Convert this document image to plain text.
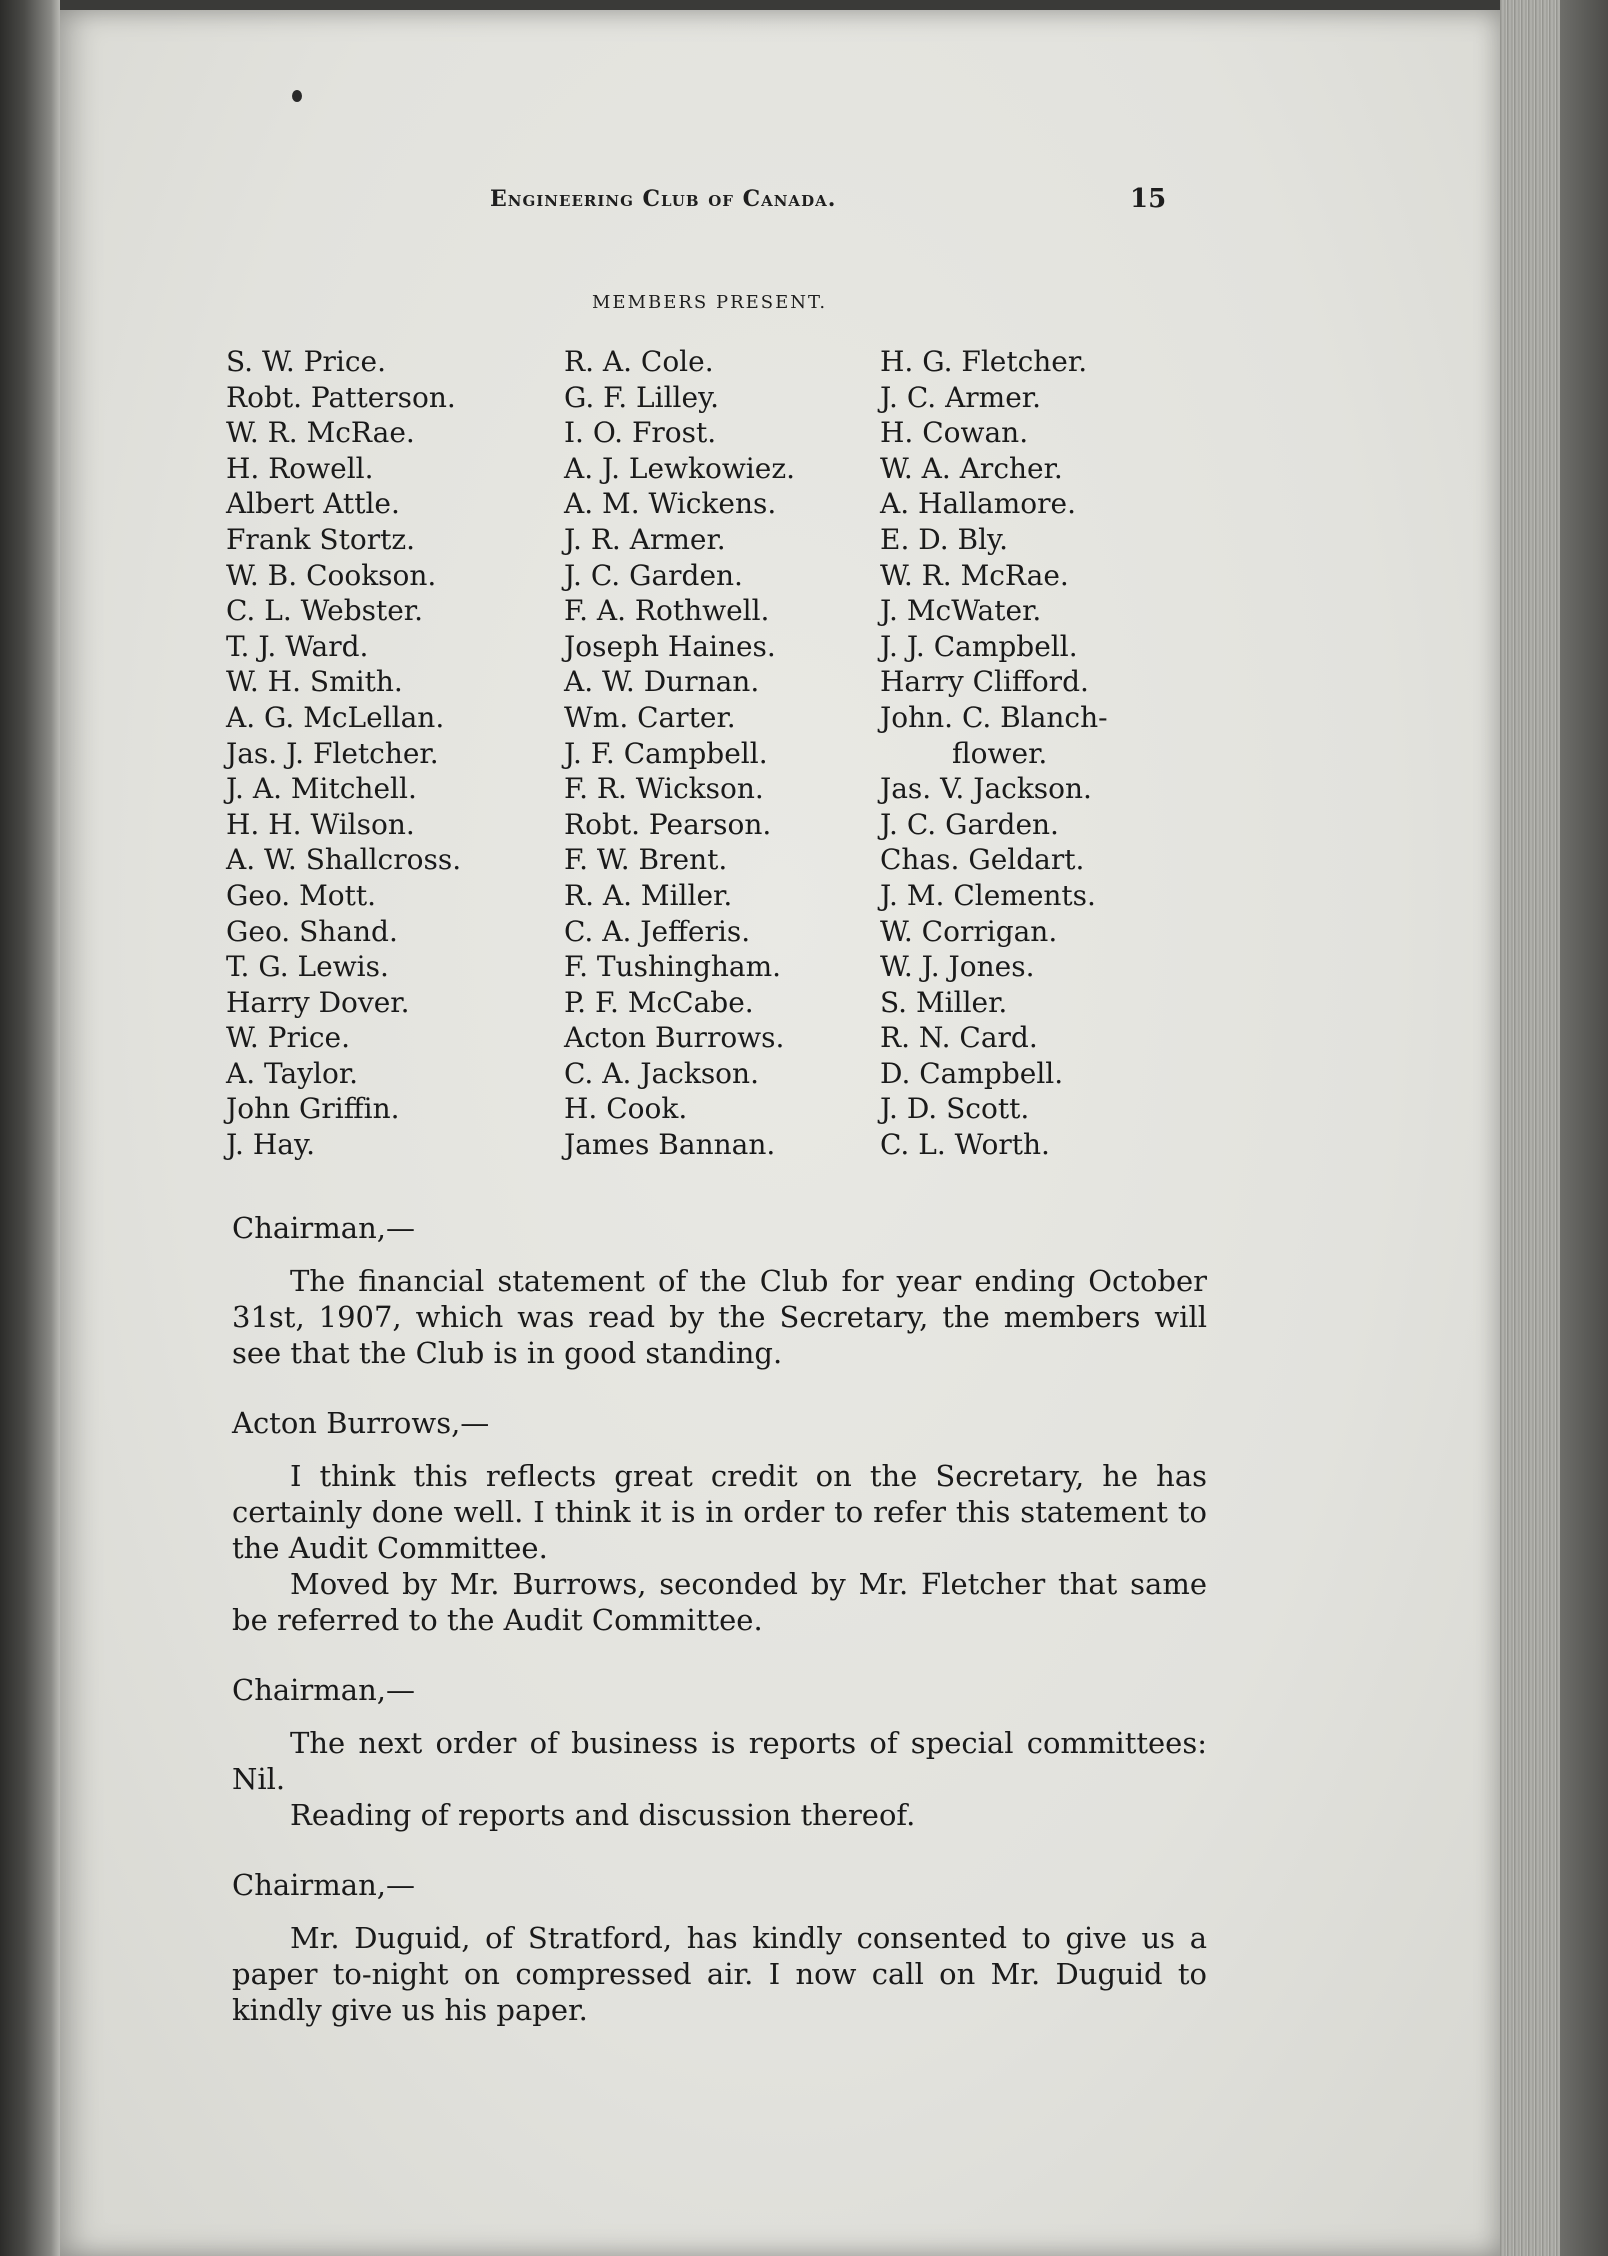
Engineering Club of Canada.	15
MEMBERS PRESENT.
S. W. Price.
Robt. Patterson.
W. R. McRae.
H. Rowell.
Albert Attle.
Frank Stortz.
W. B. Cookson.
C. L. Webster.
T. J. Ward.
W. H. Smith.
A. G. McLellan.
Jas. J. Fletcher.
J. A. Mitchell.
H. H. Wilson.
A. W. Shallcross.
Geo. Mott.
Geo. Shand.
T. G. Lewis.
Harry Dover.
W. Price.
A. Taylor.
John Griffin.
J. Hay.
R. A. Cole.
G. F. Lilley.
I. O. Frost.
A. J. Lewkowiez.
A. M. Wickens.
J. R. Armer.
J. C. Garden.
F. A. Rothwell.
Joseph Haines.
A. W. Durnan.
Wm. Carter.
J. F. Campbell.
F. R. Wickson.
Robt. Pearson.
F. W. Brent.
R. A. Miller.
C. A. Jefferis.
F. Tushingham.
P. F. McCabe.
Acton Burrows.
C. A. Jackson.
H. Cook.
James Bannan.
H. G. Fletcher.
J. C. Armer.
H. Cowan.
W. A. Archer.
A. Hallamore.
E. D. Bly.
W. R. McRae.
J. McWater.
J. J. Campbell.
Harry Clifford.
John. C. Blanch-
flower.
Jas. V. Jackson.
J. C. Garden.
Chas. Geldart.
J. M. Clements.
W. Corrigan.
W. J. Jones.
S. Miller.
R. N. Card.
D. Campbell.
J. D. Scott.
C. L. Worth.

Chairman,—

The financial statement of the Club for year ending October 31st, 1907, which was read by the Secretary, the members will see that the Club is in good standing.

Acton Burrows,—

I think this reflects great credit on the Secretary, he has certainly done well. I think it is in order to refer this statement to the Audit Committee.

Moved by Mr. Burrows, seconded by Mr. Fletcher that same be referred to the Audit Committee.

Chairman,—

The next order of business is reports of special committees: Nil.

Reading of reports and discussion thereof.

Chairman,—

Mr. Duguid, of Stratford, has kindly consented to give us a paper to-night on compressed air. I now call on Mr. Duguid to kindly give us his paper.
